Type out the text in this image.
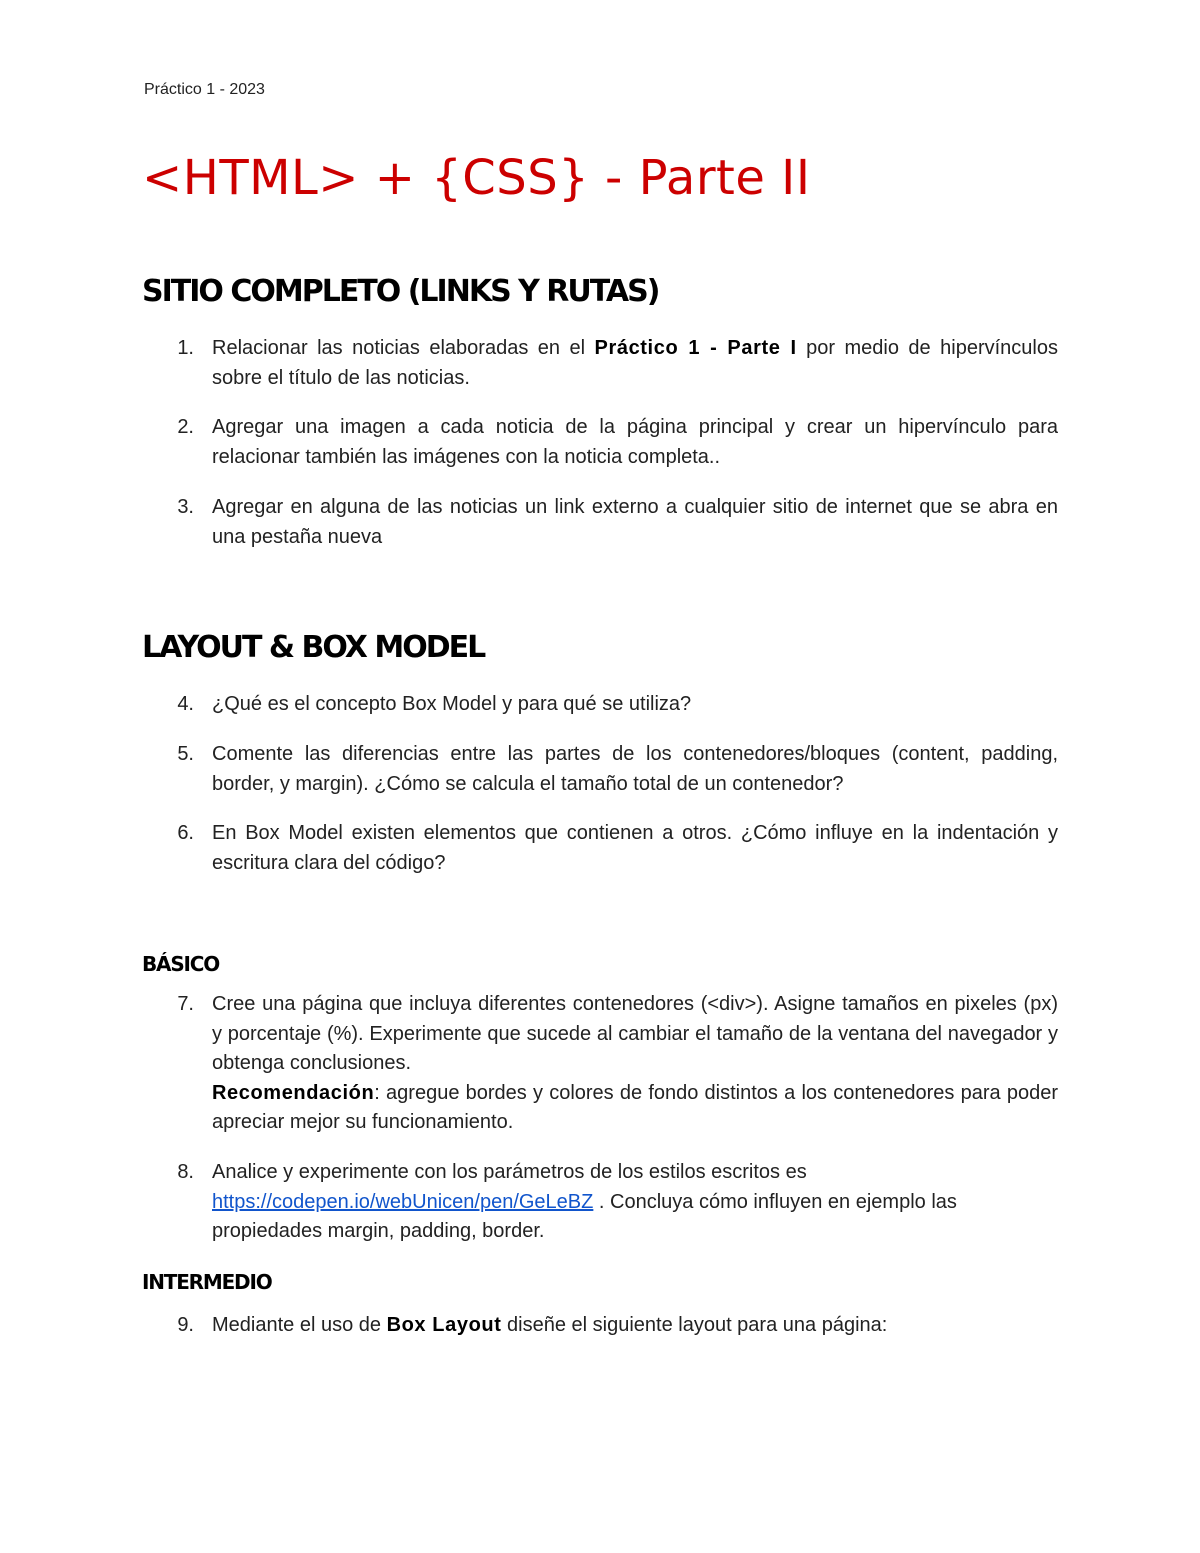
Práctico 1 - 2023
<HTML> + {CSS} - Parte II
SITIO COMPLETO (LINKS Y RUTAS)
1. Relacionar las noticias elaboradas en el Práctico 1 - Parte I por medio de hipervínculos sobre el título de las noticias.
2. Agregar una imagen a cada noticia de la página principal y crear un hipervínculo para relacionar también las imágenes con la noticia completa..
3. Agregar en alguna de las noticias un link externo a cualquier sitio de internet que se abra en una pestaña nueva
LAYOUT & BOX MODEL
4. ¿Qué es el concepto Box Model y para qué se utiliza?
5. Comente las diferencias entre las partes de los contenedores/bloques (content, padding, border, y margin). ¿Cómo se calcula el tamaño total de un contenedor?
6. En Box Model existen elementos que contienen a otros. ¿Cómo influye en la indentación y escritura clara del código?
BÁSICO
7. Cree una página que incluya diferentes contenedores (<div>). Asigne tamaños en pixeles (px) y porcentaje (%). Experimente que sucede al cambiar el tamaño de la ventana del navegador y obtenga conclusiones.
Recomendación: agregue bordes y colores de fondo distintos a los contenedores para poder apreciar mejor su funcionamiento.
8. Analice y experimente con los parámetros de los estilos escritos es
https://codepen.io/webUnicen/pen/GeLeBZ . Concluya cómo influyen en ejemplo las propiedades margin, padding, border.
INTERMEDIO
9. Mediante el uso de Box Layout diseñe el siguiente layout para una página:
